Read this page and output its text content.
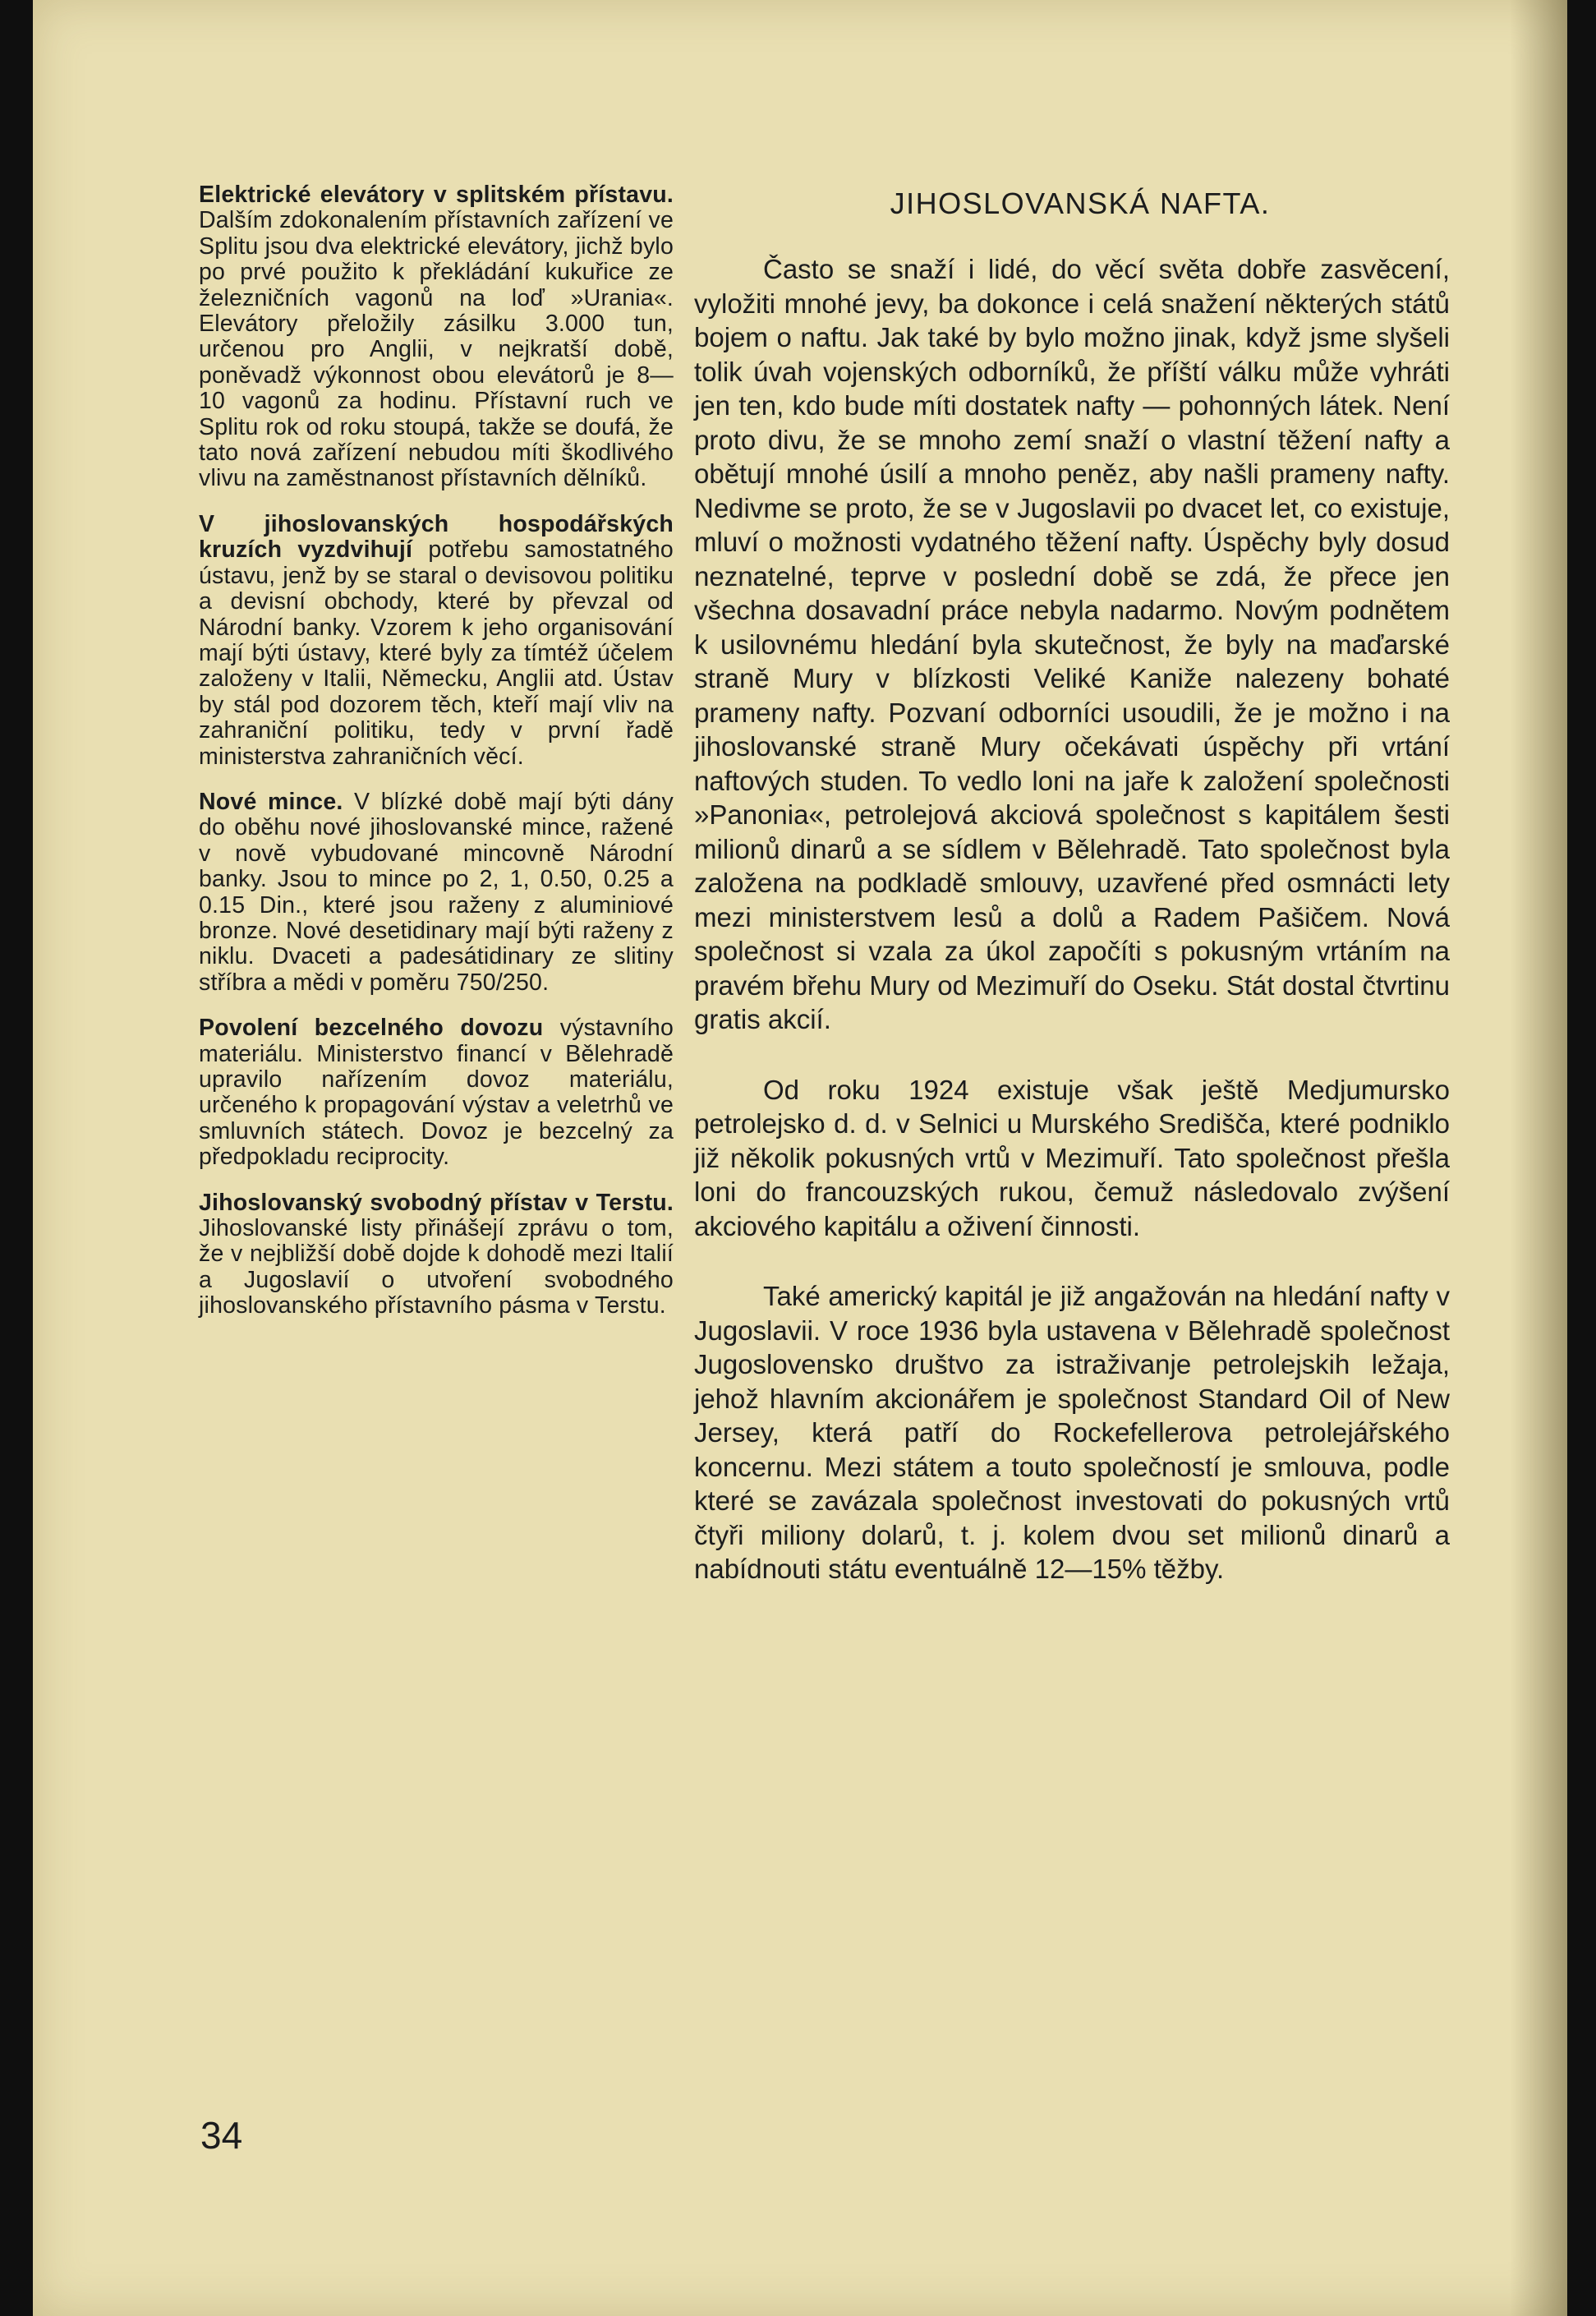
Elektrické elevátory v splitském přístavu. Dalším zdokonalením přístavních zařízení ve Splitu jsou dva elektrické elevátory, jichž bylo po prvé použito k překládání kukuřice ze železničních vagonů na loď »Urania«. Elevátory přeložily zásilku 3.000 tun, určenou pro Anglii, v nejkratší době, poněvadž výkonnost obou elevátorů je 8—10 vagonů za hodinu. Přístavní ruch ve Splitu rok od roku stoupá, takže se doufá, že tato nová zařízení nebudou míti škodlivého vlivu na zaměstnanost přístavních dělníků.

V jihoslovanských hospodářských kruzích vyzdvihují potřebu samostatného ústavu, jenž by se staral o devisovou politiku a devisní obchody, které by převzal od Národní banky. Vzorem k jeho organisování mají býti ústavy, které byly za tímtéž účelem založeny v Italii, Německu, Anglii atd. Ústav by stál pod dozorem těch, kteří mají vliv na zahraniční politiku, tedy v první řadě ministerstva zahraničních věcí.

Nové mince. V blízké době mají býti dány do oběhu nové jihoslovanské mince, ražené v nově vybudované mincovně Národní banky. Jsou to mince po 2, 1, 0.50, 0.25 a 0.15 Din., které jsou raženy z aluminiové bronze. Nové desetidinary mají býti raženy z niklu. Dvaceti a padesátidinary ze slitiny stříbra a mědi v poměru 750/250.

Povolení bezcelného dovozu výstavního materiálu. Ministerstvo financí v Bělehradě upravilo nařízením dovoz materiálu, určeného k propagování výstav a veletrhů ve smluvních státech. Dovoz je bezcelný za předpokladu reciprocity.

Jihoslovanský svobodný přístav v Terstu. Jihoslovanské listy přinášejí zprávu o tom, že v nejbližší době dojde k dohodě mezi Italií a Jugoslavií o utvoření svobodného jihoslovanského přístavního pásma v Terstu.

JIHOSLOVANSKÁ NAFTA.

Často se snaží i lidé, do věcí světa dobře zasvěcení, vyložiti mnohé jevy, ba dokonce i celá snažení některých států bojem o naftu. Jak také by bylo možno jinak, když jsme slyšeli tolik úvah vojenských odborníků, že příští válku může vyhráti jen ten, kdo bude míti dostatek nafty — pohonných látek. Není proto divu, že se mnoho zemí snaží o vlastní těžení nafty a obětují mnohé úsilí a mnoho peněz, aby našli prameny nafty. Nedivme se proto, že se v Jugoslavii po dvacet let, co existuje, mluví o možnosti vydatného těžení nafty. Úspěchy byly dosud neznatelné, teprve v poslední době se zdá, že přece jen všechna dosavadní práce nebyla nadarmo. Novým podnětem k usilovnému hledání byla skutečnost, že byly na maďarské straně Mury v blízkosti Veliké Kaniže nalezeny bohaté prameny nafty. Pozvaní odborníci usoudili, že je možno i na jihoslovanské straně Mury očekávati úspěchy při vrtání naftových studen. To vedlo loni na jaře k založení společnosti »Panonia«, petrolejová akciová společnost s kapitálem šesti milionů dinarů a se sídlem v Bělehradě. Tato společnost byla založena na podkladě smlouvy, uzavřené před osmnácti lety mezi ministerstvem lesů a dolů a Radem Pašičem. Nová společnost si vzala za úkol započíti s pokusným vrtáním na pravém břehu Mury od Mezimuří do Oseku. Stát dostal čtvrtinu gratis akcií.

Od roku 1924 existuje však ještě Medjumursko petrolejsko d. d. v Selnici u Murského Središča, které podniklo již několik pokusných vrtů v Mezimuří. Tato společnost přešla loni do francouzských rukou, čemuž následovalo zvýšení akciového kapitálu a oživení činnosti.

Také americký kapitál je již angažován na hledání nafty v Jugoslavii. V roce 1936 byla ustavena v Bělehradě společnost Jugoslovensko društvo za istraživanje petrolejskih ležaja, jehož hlavním akcionářem je společnost Standard Oil of New Jersey, která patří do Rockefellerova petrolejářského koncernu. Mezi státem a touto společností je smlouva, podle které se zavázala společnost investovati do pokusných vrtů čtyři miliony dolarů, t. j. kolem dvou set milionů dinarů a nabídnouti státu eventuálně 12—15% těžby.

34
